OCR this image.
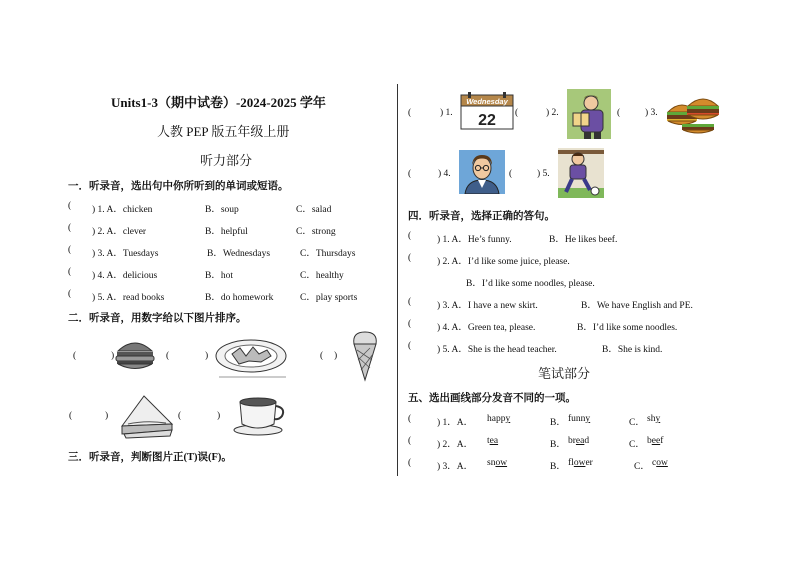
Units1-3（期中试卷）-2024-2025 学年
人教 PEP 版五年级上册
听力部分
一．听录音，选出句中你所听到的单词或短语。
( ) 1. A．chicken	B．soup	C．salad
( ) 2. A．clever	B．helpful	C．strong
( ) 3. A．Tuesdays	B．Wednesdays	C．Thursdays
( ) 4. A．delicious	B．hot	C．healthy
( ) 5. A．read books	B．do homework	C．play sports
二．听录音，用数字给以下图片排序。
(	)	(	)	( )
(	)	(	)
三．听录音，判断图片正(T)误(F)。
(	) 1.
Wednesday
22 (	) 2.	(	) 3.
(	) 4.	(	) 5.
四．听录音，选择正确的答句。
(	) 1. A．He’s funny.	B．He likes beef.
(	) 2. A．I’d like some juice, please.
B．I’d like some noodles, please.
(	) 3. A．I have a new skirt.	B．We have English and PE.
(	) 4. A．Green tea, please.	B．I’d like some noodles.
(	) 5. A．She is the head teacher.	B．She is kind.
笔试部分
五、选出画线部分发音不同的一项。
(	) 1．A． happy	B． funny	C． shy
(	) 2．A． tea	B． bread	C． beef
(	) 3．A． snow	B． flower	C． cow
